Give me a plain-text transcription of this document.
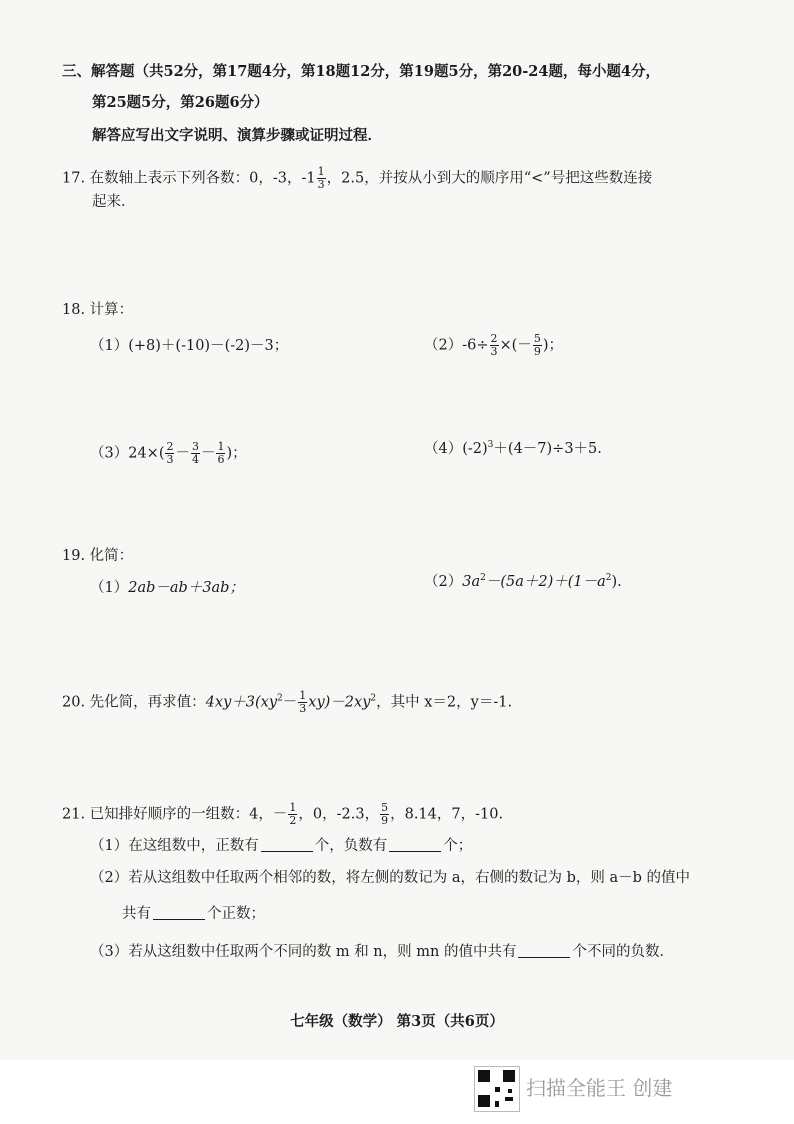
三、解答题（共52分，第17题4分，第18题12分，第19题5分，第20-24题，每小题4分，
第25题5分，第26题6分）
解答应写出文字说明、演算步骤或证明过程．
17. 在数轴上表示下列各数：0，-3，$-1 \frac{1}{3}$ ，2.5，并按从小到大的顺序用“<”号把这些数连接
起来．
18. 计算：
（1）(+8)＋(-10)－(-2)－3；	$(2)-6\div \frac{2}{3}$ ×(－ $\frac{5}{9}$ )；
$(3)24\times( \frac{2}{3} - \frac{3}{4} - \frac{1}{6}$ )；	$(4)(-2)^3+(4-7)\div 3+5$.
19. 化简：
（1）2ab－ab＋3ab；	$(2)3a^2-(5a+2)+(1-a^2)$.
20. 先化简，再求值：$4xy+3(xy^2- \frac{1}{3} xy)-2xy^2$，其中 x＝2，y＝-1.
21. 已知排好顺序的一组数：4，－ $\frac{1}{2}$ ，0，-2.3， $\frac{5}{9}$ ，8.14，7，-10.
（1）在这组数中，正数有	个，负数有	个；
（2）若从这组数中任取两个相邻的数，将左侧的数记为 a，右侧的数记为 b，则 a－b 的值中
共有	个正数；
（3）若从这组数中任取两个不同的数 m 和 n，则 mn 的值中共有	个不同的负数．
七年级（数学） 第3页（共6页）
扫描全能王 创建
